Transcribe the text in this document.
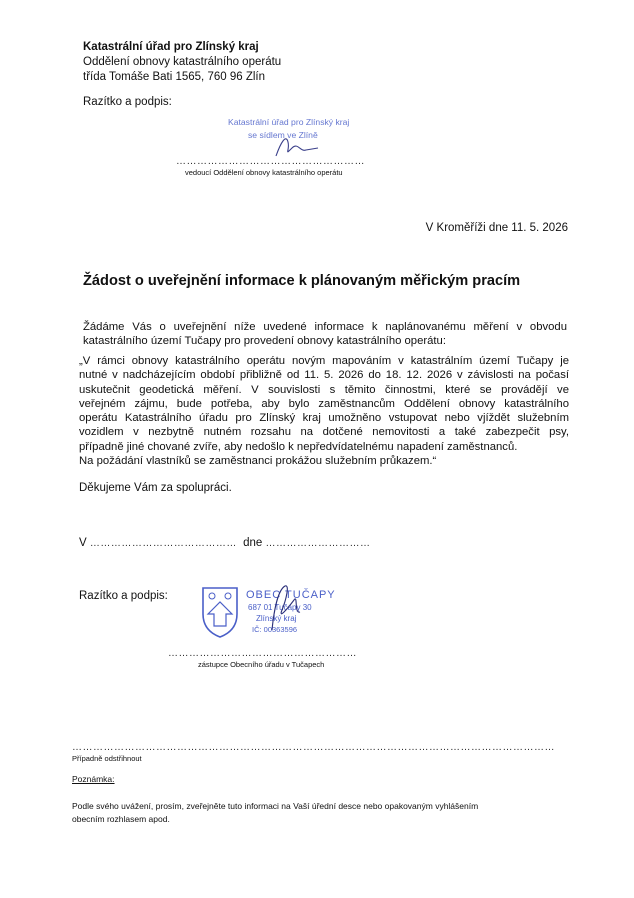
Katastrální úřad pro Zlínský kraj
Oddělení obnovy katastrálního operátu
třída Tomáše Bati 1565, 760 96 Zlín
Razítko a podpis:
Katastrální úřad pro Zlínský kraj
se sídlem ve Zlíně
………………………………………………
vedoucí Oddělení obnovy katastrálního operátu
V Kroměříži dne 11. 5. 2026
Žádost o uveřejnění informace k plánovaným měřickým pracím
Žádáme Vás o uveřejnění níže uvedené informace k naplánovanému měření v obvodu katastrálního území Tučapy pro provedení obnovy katastrálního operátu:
„V rámci obnovy katastrálního operátu novým mapováním v katastrálním území Tučapy je
nutné v nadcházejícím období přibližně od 11. 5. 2026 do 18. 12. 2026 v závislosti na počasí
uskutečnit geodetická měření. V souvislosti s těmito činnostmi, které se provádějí ve
veřejném zájmu, bude potřeba, aby bylo zaměstnancům Oddělení obnovy katastrálního
operátu Katastrálního úřadu pro Zlínský kraj umožněno vstupovat nebo vjíždět služebním
vozidlem v nezbytně nutném rozsahu na dotčené nemovitosti a také zabezpečit psy,
případně jiné chované zvíře, aby nedošlo k nepředvídatelnému napadení zaměstnanců.
Na požádání vlastníků se zaměstnanci prokážou služebním průkazem.“
Děkujeme Vám za spolupráci.
V …………………………………… dne …………………………
Razítko a podpis:	OBEC TUČAPY
687 01 Tučapy 30
Zlínský kraj
IČ: 00363596
………………………………………………
zástupce Obecního úřadu v Tučapech
…………………………………………………………………………………………………………………………
Případně odstřihnout
Poznámka:
Podle svého uvážení, prosím, zveřejněte tuto informaci na Vaší úřední desce nebo opakovaným vyhlášením
obecním rozhlasem apod.
